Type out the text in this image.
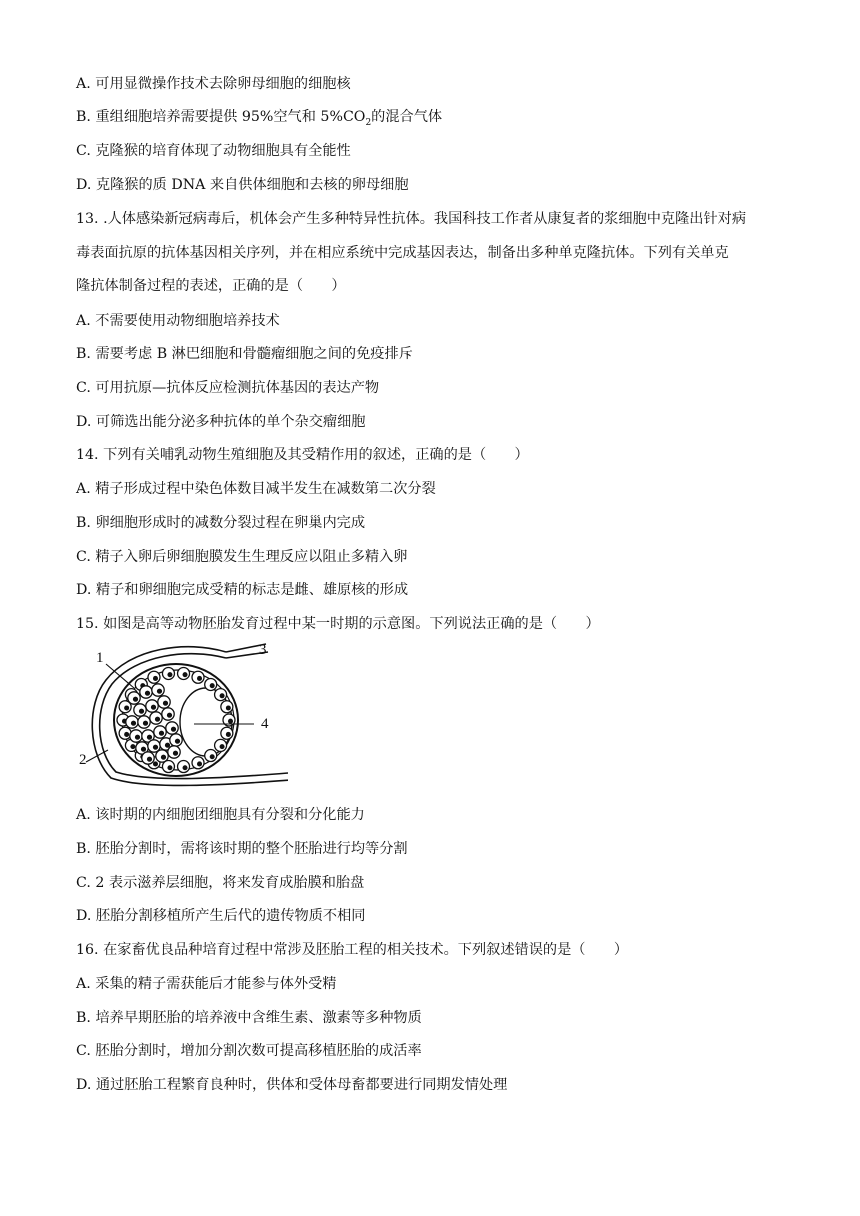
A. 可用显微操作技术去除卵母细胞的细胞核
B. 重组细胞培养需要提供 95%空气和 $5\%CO_2$的混合气体
C. 克隆猴的培育体现了动物细胞具有全能性
D. 克隆猴的质 DNA 来自供体细胞和去核的卵母细胞
13. .人体感染新冠病毒后，机体会产生多种特异性抗体。我国科技工作者从康复者的浆细胞中克隆出针对病
毒表面抗原的抗体基因相关序列，并在相应系统中完成基因表达，制备出多种单克隆抗体。下列有关单克
隆抗体制备过程的表述，正确的是（　　）
A. 不需要使用动物细胞培养技术
B. 需要考虑 B 淋巴细胞和骨髓瘤细胞之间的免疫排斥
C. 可用抗原—抗体反应检测抗体基因的表达产物
D. 可筛选出能分泌多种抗体的单个杂交瘤细胞
14. 下列有关哺乳动物生殖细胞及其受精作用的叙述，正确的是（　　）
A. 精子形成过程中染色体数目减半发生在减数第二次分裂
B. 卵细胞形成时的减数分裂过程在卵巢内完成
C. 精子入卵后卵细胞膜发生生理反应以阻止多精入卵
D. 精子和卵细胞完成受精的标志是雌、雄原核的形成
15. 如图是高等动物胚胎发育过程中某一时期的示意图。下列说法正确的是（　　）
1
2
3
4
A. 该时期的内细胞团细胞具有分裂和分化能力
B. 胚胎分割时，需将该时期的整个胚胎进行均等分割
C. 2 表示滋养层细胞，将来发育成胎膜和胎盘
D. 胚胎分割移植所产生后代的遗传物质不相同
16. 在家畜优良品种培育过程中常涉及胚胎工程的相关技术。下列叙述错误的是（　　）
A. 采集的精子需获能后才能参与体外受精
B. 培养早期胚胎的培养液中含维生素、激素等多种物质
C. 胚胎分割时，增加分割次数可提高移植胚胎的成活率
D. 通过胚胎工程繁育良种时，供体和受体母畜都要进行同期发情处理
